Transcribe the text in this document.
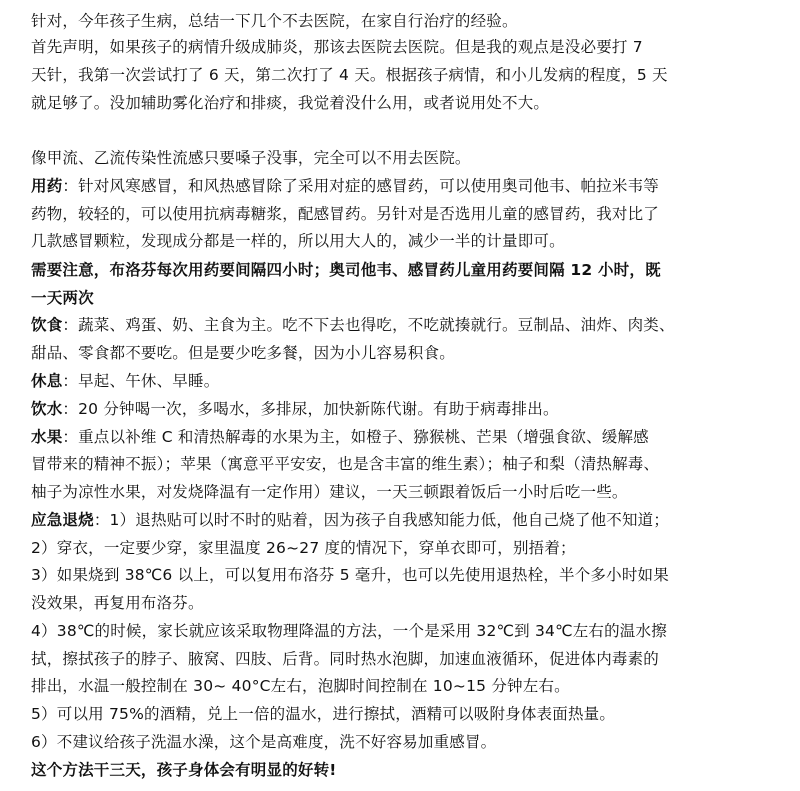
针对，今年孩子生病，总结一下几个不去医院，在家自行治疗的经验。
首先声明，如果孩子的病情升级成肺炎，那该去医院去医院。但是我的观点是没必要打 7
天针，我第一次尝试打了 6 天，第二次打了 4 天。根据孩子病情，和小儿发病的程度，5 天
就足够了。没加辅助雾化治疗和排痰，我觉着没什么用，或者说用处不大。
像甲流、乙流传染性流感只要嗓子没事，完全可以不用去医院。
用药：针对风寒感冒，和风热感冒除了采用对症的感冒药，可以使用奥司他韦、帕拉米韦等
药物，较轻的，可以使用抗病毒糖浆，配感冒药。另针对是否选用儿童的感冒药，我对比了
几款感冒颗粒，发现成分都是一样的，所以用大人的，减少一半的计量即可。
需要注意，布洛芬每次用药要间隔四小时；奥司他韦、感冒药儿童用药要间隔 12 小时，既
一天两次
饮食：蔬菜、鸡蛋、奶、主食为主。吃不下去也得吃，不吃就揍就行。豆制品、油炸、肉类、
甜品、零食都不要吃。但是要少吃多餐，因为小儿容易积食。
休息：早起、午休、早睡。
饮水：20 分钟喝一次，多喝水，多排尿，加快新陈代谢。有助于病毒排出。
水果：重点以补维 C 和清热解毒的水果为主，如橙子、猕猴桃、芒果（增强食欲、缓解感
冒带来的精神不振）；苹果（寓意平平安安，也是含丰富的维生素）；柚子和梨（清热解毒、
柚子为凉性水果，对发烧降温有一定作用）建议，一天三顿跟着饭后一小时后吃一些。
应急退烧：1）退热贴可以时不时的贴着，因为孩子自我感知能力低，他自己烧了他不知道；
2）穿衣，一定要少穿，家里温度 26~27 度的情况下，穿单衣即可，别捂着；
3）如果烧到 38℃6 以上，可以复用布洛芬 5 毫升，也可以先使用退热栓，半个多小时如果
没效果，再复用布洛芬。
4）38℃的时候，家长就应该采取物理降温的方法，一个是采用 32℃到 34℃左右的温水擦
拭，擦拭孩子的脖子、腋窝、四肢、后背。同时热水泡脚，加速血液循环，促进体内毒素的
排出，水温一般控制在 30~ 40°C左右，泡脚时间控制在 10~15 分钟左右。
5）可以用 75%的酒精，兑上一倍的温水，进行擦拭，酒精可以吸附身体表面热量。
6）不建议给孩子洗温水澡，这个是高难度，洗不好容易加重感冒。
这个方法干三天，孩子身体会有明显的好转!
